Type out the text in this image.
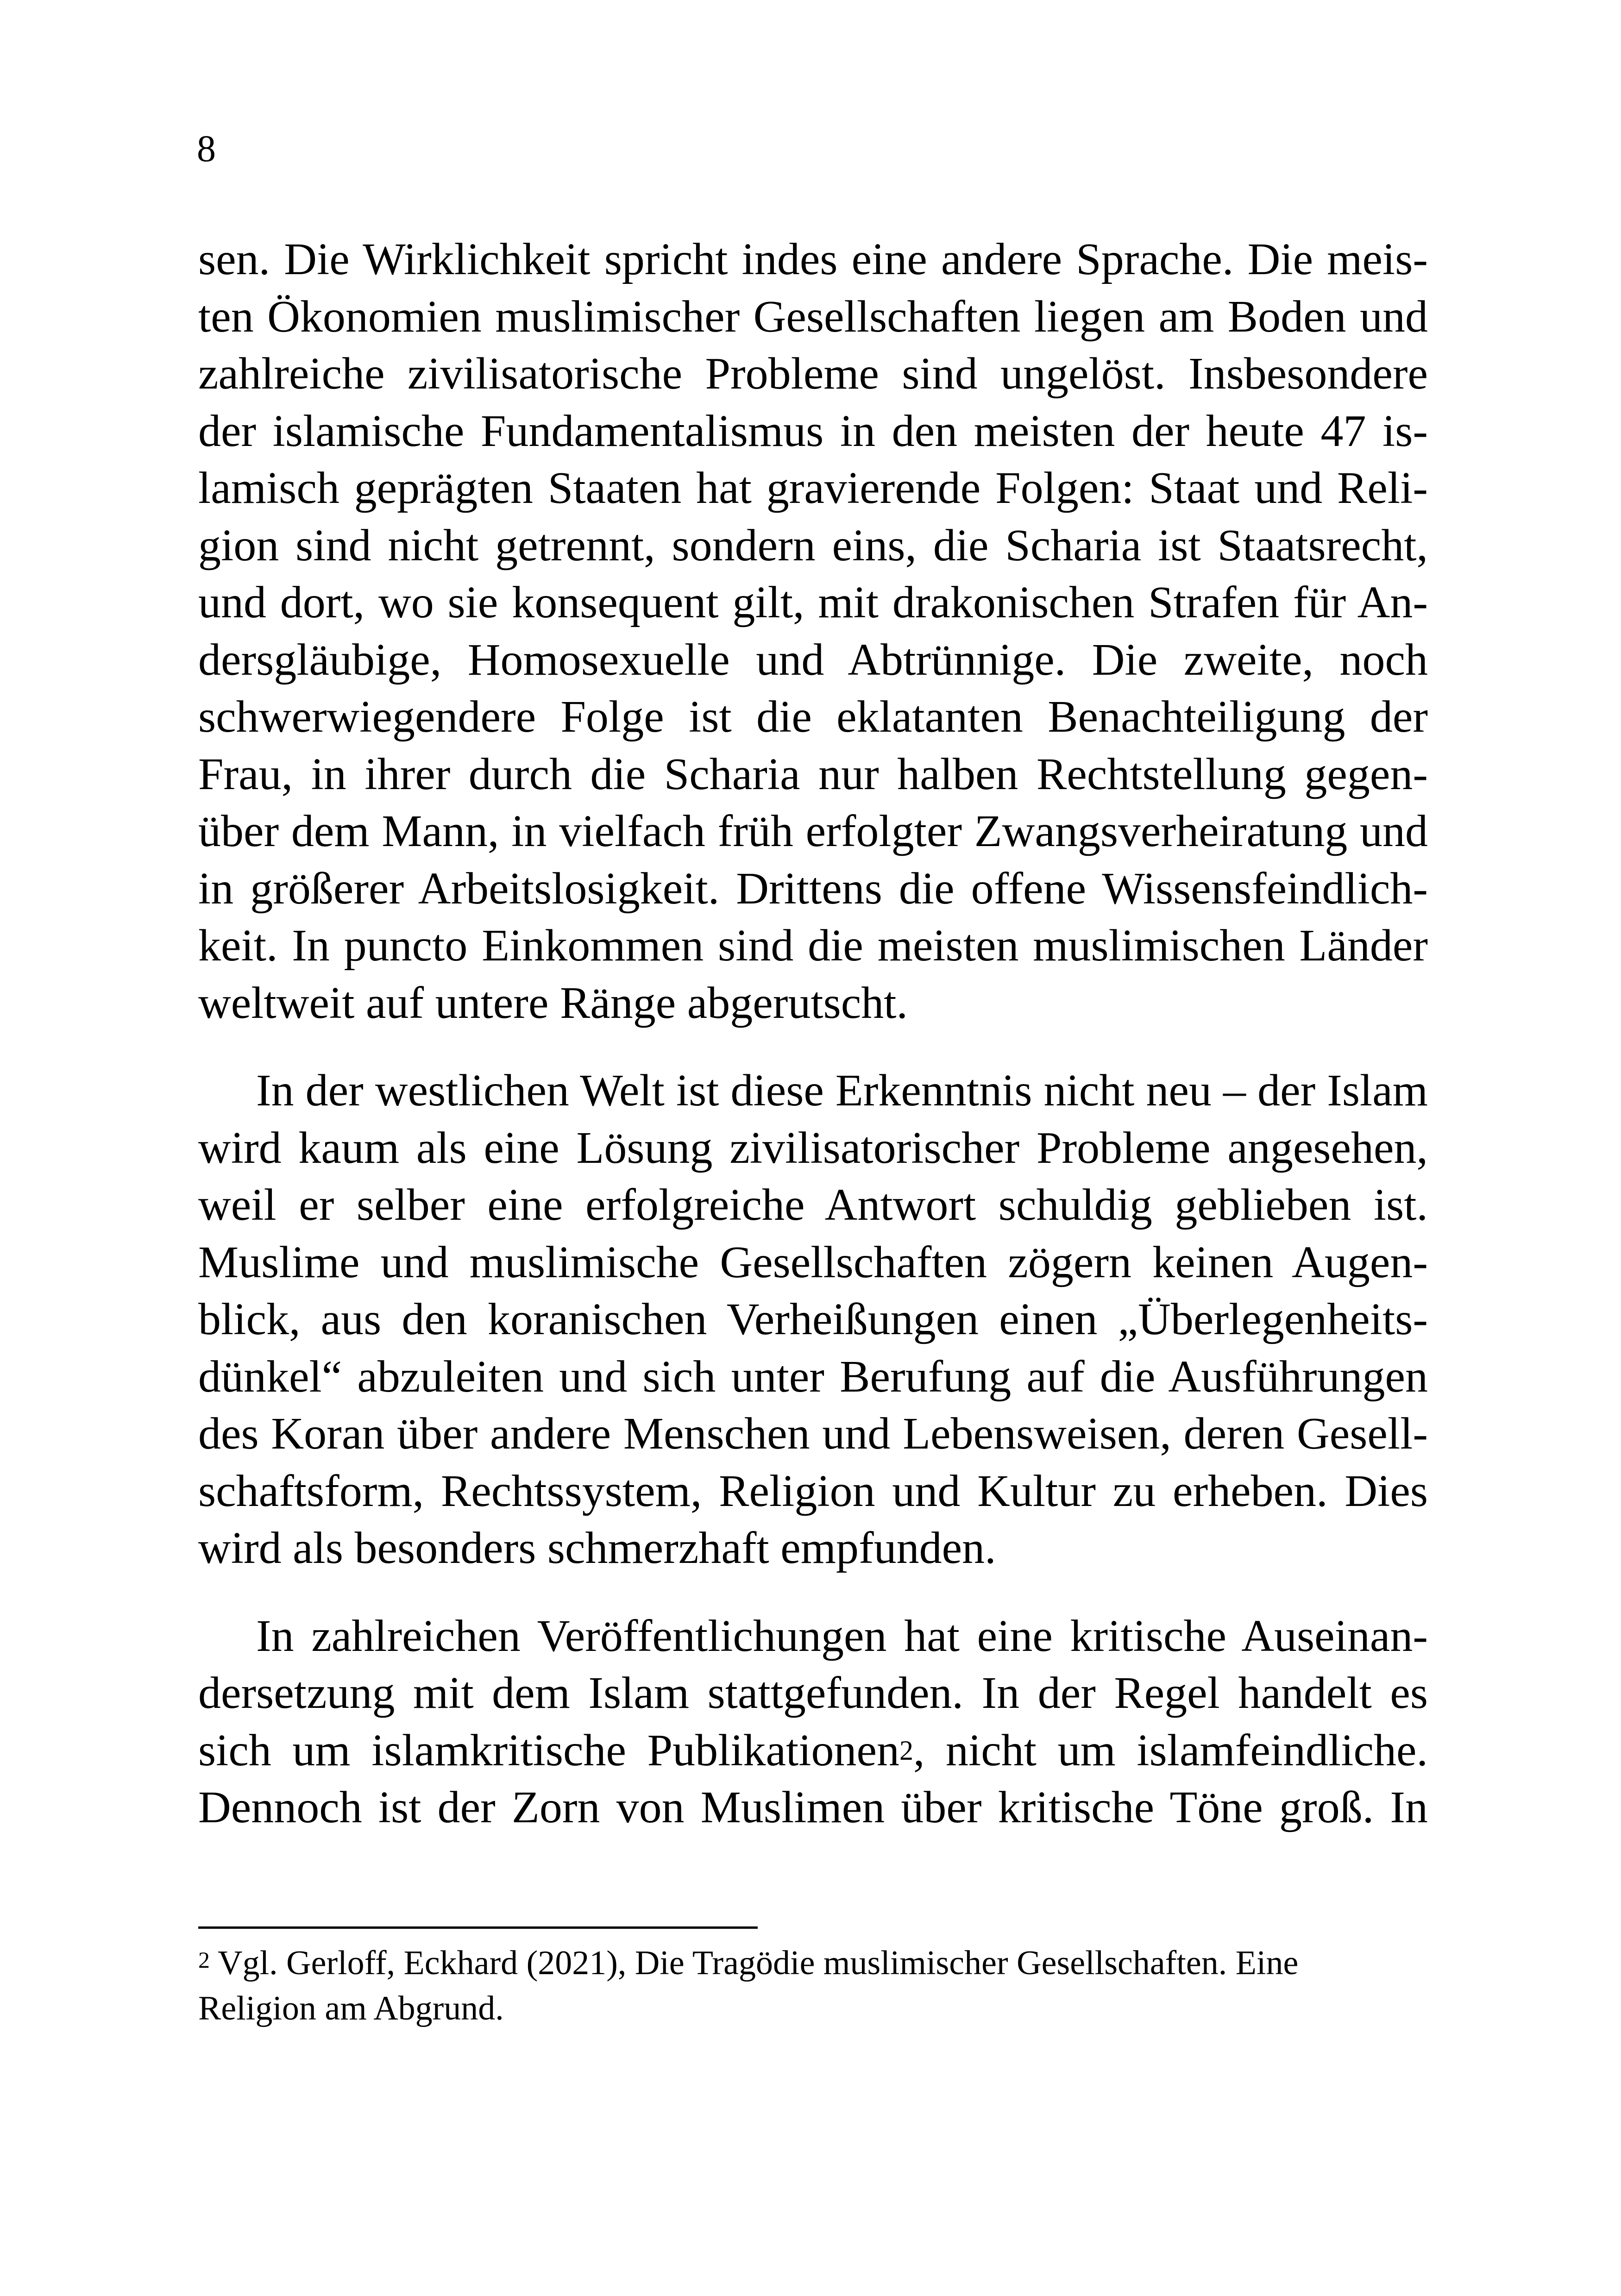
8
sen. Die Wirklichkeit spricht indes eine andere Sprache. Die meis-
ten Ökonomien muslimischer Gesellschaften liegen am Boden und
zahlreiche zivilisatorische Probleme sind ungelöst. Insbesondere
der islamische Fundamentalismus in den meisten der heute 47 is-
lamisch geprägten Staaten hat gravierende Folgen: Staat und Reli-
gion sind nicht getrennt, sondern eins, die Scharia ist Staatsrecht,
und dort, wo sie konsequent gilt, mit drakonischen Strafen für An-
dersgläubige, Homosexuelle und Abtrünnige. Die zweite, noch
schwerwiegendere Folge ist die eklatanten Benachteiligung der
Frau, in ihrer durch die Scharia nur halben Rechtstellung gegen-
über dem Mann, in vielfach früh erfolgter Zwangsverheiratung und
in größerer Arbeitslosigkeit. Drittens die offene Wissensfeindlich-
keit. In puncto Einkommen sind die meisten muslimischen Länder
weltweit auf untere Ränge abgerutscht.
In der westlichen Welt ist diese Erkenntnis nicht neu – der Islam
wird kaum als eine Lösung zivilisatorischer Probleme angesehen,
weil er selber eine erfolgreiche Antwort schuldig geblieben ist.
Muslime und muslimische Gesellschaften zögern keinen Augen-
blick, aus den koranischen Verheißungen einen „Überlegenheits-
dünkel“ abzuleiten und sich unter Berufung auf die Ausführungen
des Koran über andere Menschen und Lebensweisen, deren Gesell-
schaftsform, Rechtssystem, Religion und Kultur zu erheben. Dies
wird als besonders schmerzhaft empfunden.
In zahlreichen Veröffentlichungen hat eine kritische Auseinan-
dersetzung mit dem Islam stattgefunden. In der Regel handelt es
sich um islamkritische Publikationen$^2$, nicht um islamfeindliche.
Dennoch ist der Zorn von Muslimen über kritische Töne groß. In
$^2$ Vgl. Gerloff, Eckhard (2021), Die Tragödie muslimischer Gesellschaften. Eine
Religion am Abgrund.
